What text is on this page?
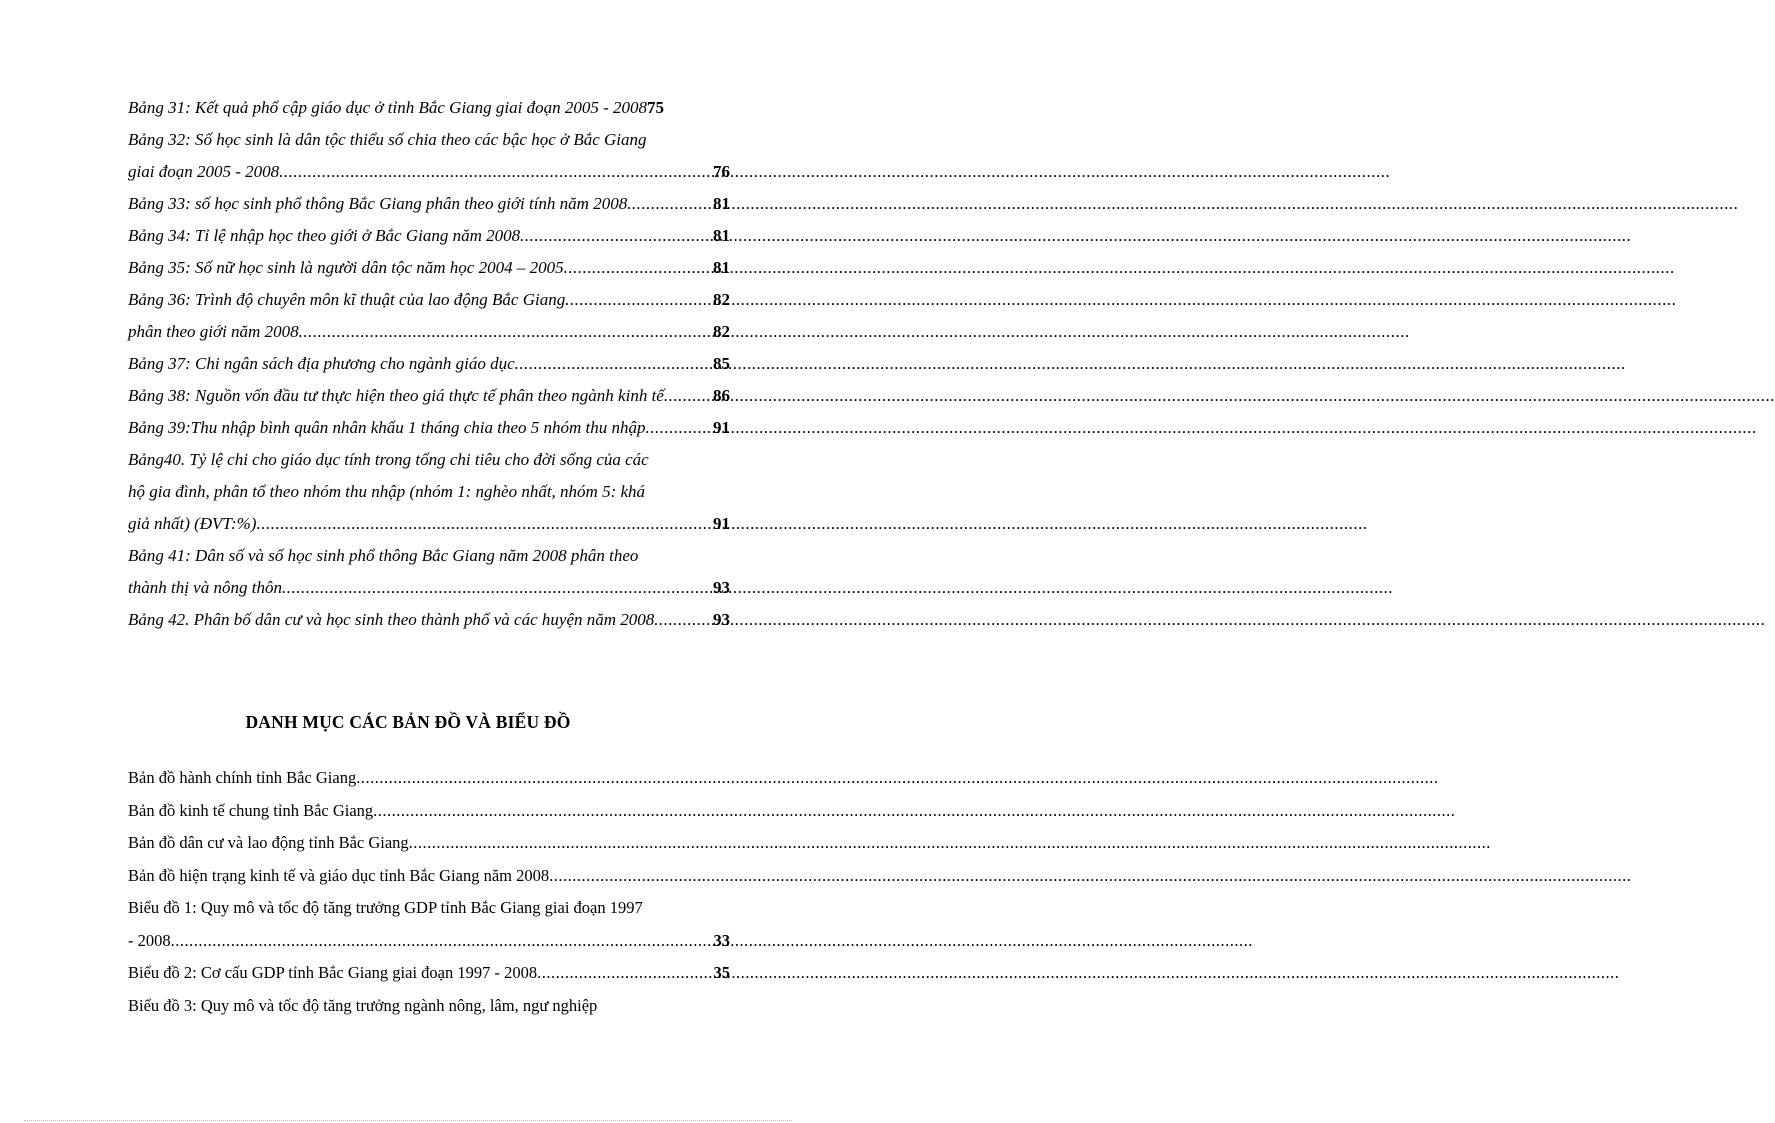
Bảng 31: Kết quả phổ cập giáo dục ở tỉnh Bắc Giang giai đoạn 2005 - 2008 75
Bảng 32: Số học sinh là dân tộc thiểu số chia theo các bậc học ở Bắc Giang
giai đoạn 2005 - 2008 .....	76
Bảng 33: số học sinh phổ thông Bắc Giang phân theo giới tính năm 2008 .....	81
Bảng 34: Tỉ lệ nhập học theo giới ở Bắc Giang năm 2008 .....	81
Bảng 35: Số nữ học sinh là người dân tộc năm học 2004 – 2005 .....	81
Bảng 36: Trình độ chuyên môn kĩ thuật của lao động Bắc Giang .....	82
phân theo giới năm 2008 .....	82
Bảng 37: Chi ngân sách địa phương cho ngành giáo dục .....	85
Bảng 38: Nguồn vốn đầu tư thực hiện theo giá thực tế phân theo ngành kinh tế .....	86
Bảng 39:Thu nhập bình quân nhân khẩu 1 tháng chia theo 5 nhóm thu nhập .....	91
Bảng40. Tỷ lệ chi cho giáo dục tính trong tổng chi tiêu cho đời sống của các
hộ gia đình, phân tổ theo nhóm thu nhập (nhóm 1: nghèo nhất, nhóm 5: khá
giả nhất) (ĐVT:%) .....	91
Bảng 41: Dân số và số học sinh phổ thông Bắc Giang năm 2008 phân theo
thành thị và nông thôn .....	93
Bảng 42. Phân bố dân cư và học sinh theo thành phố và các huyện năm 2008 .....	93
DANH MỤC CÁC BẢN ĐỒ VÀ BIỂU ĐỒ
Bản đồ hành chính tỉnh Bắc Giang
.....
Bản đồ kinh tế chung tỉnh Bắc Giang
.....
Bản đồ dân cư và lao động tỉnh Bắc Giang
.....
Bản đồ hiện trạng kinh tế và giáo dục tỉnh Bắc Giang năm 2008
.....
Biểu đồ 1: Quy mô và tốc độ tăng trưởng GDP tỉnh Bắc Giang giai đoạn 1997
- 2008 .....	33
Biểu đồ 2: Cơ cấu GDP tỉnh Bắc Giang giai đoạn 1997 - 2008 .....	35
Biểu đồ 3: Quy mô và tốc độ tăng trưởng ngành nông, lâm, ngư nghiệp
